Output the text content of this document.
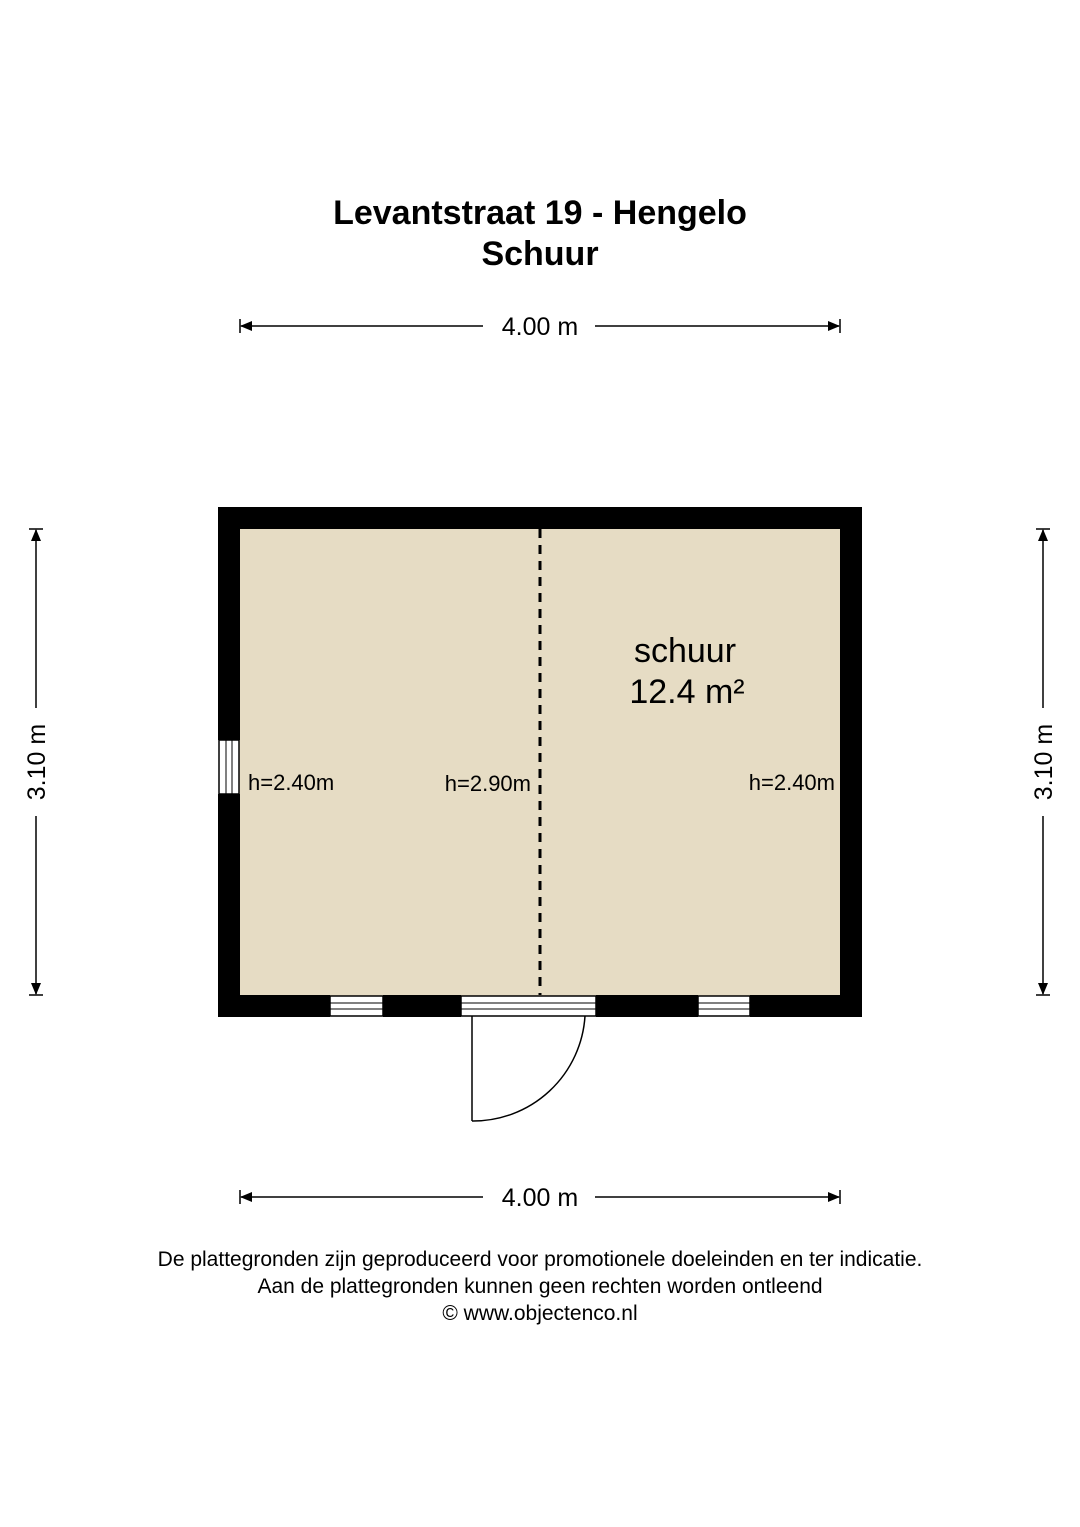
Levantstraat 19 - Hengelo
Schuur
4.00 m
4.00 m
3.10 m	3.10 m
schuur
12.4 m²
h=2.40m	h=2.90m	h=2.40m
De plattegronden zijn geproduceerd voor promotionele doeleinden en ter indicatie.
Aan de plattegronden kunnen geen rechten worden ontleend
© www.objectenco.nl
